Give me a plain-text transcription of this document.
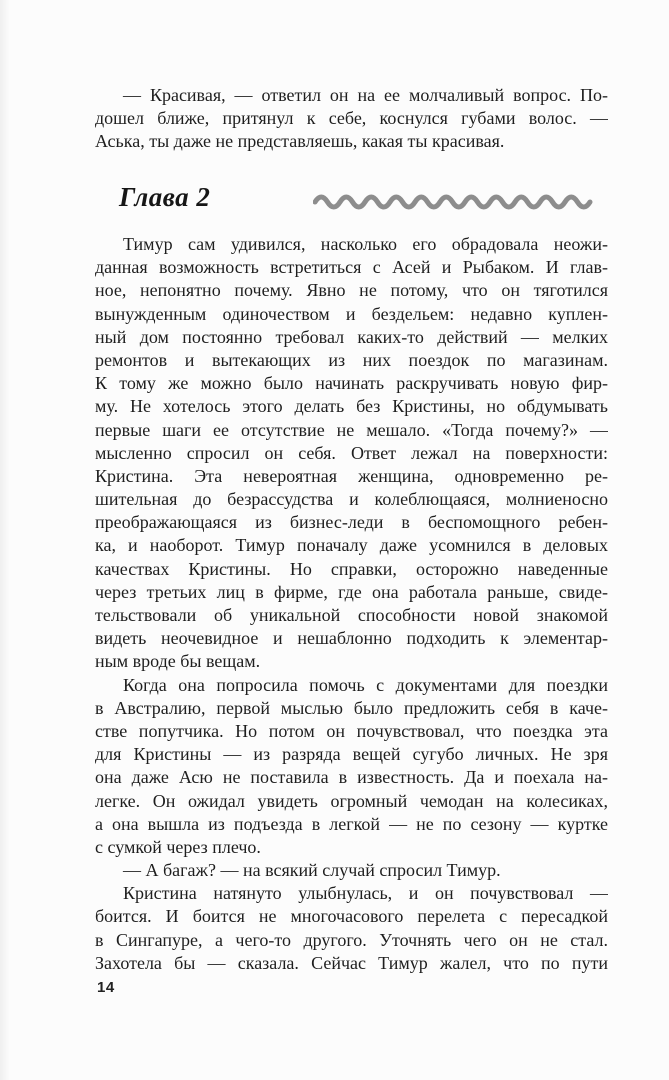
— Красивая, — ответил он на ее молчаливый вопрос. По-
дошел ближе, притянул к себе, коснулся губами волос. —
Аська, ты даже не представляешь, какая ты красивая.
Глава 2
Тимур сам удивился, насколько его обрадовала неожи-
данная возможность встретиться с Асей и Рыбаком. И глав-
ное, непонятно почему. Явно не потому, что он тяготился
вынужденным одиночеством и бездельем: недавно куплен-
ный дом постоянно требовал каких-то действий — мелких
ремонтов и вытекающих из них поездок по магазинам.
К тому же можно было начинать раскручивать новую фир-
му. Не хотелось этого делать без Кристины, но обдумывать
первые шаги ее отсутствие не мешало. «Тогда почему?» —
мысленно спросил он себя. Ответ лежал на поверхности:
Кристина. Эта невероятная женщина, одновременно ре-
шительная до безрассудства и колеблющаяся, молниеносно
преображающаяся из бизнес-леди в беспомощного ребен-
ка, и наоборот. Тимур поначалу даже усомнился в деловых
качествах Кристины. Но справки, осторожно наведенные
через третьих лиц в фирме, где она работала раньше, свиде-
тельствовали об уникальной способности новой знакомой
видеть неочевидное и нешаблонно подходить к элементар-
ным вроде бы вещам.
Когда она попросила помочь с документами для поездки
в Австралию, первой мыслью было предложить себя в каче-
стве попутчика. Но потом он почувствовал, что поездка эта
для Кристины — из разряда вещей сугубо личных. Не зря
она даже Асю не поставила в известность. Да и поехала на-
легке. Он ожидал увидеть огромный чемодан на колесиках,
а она вышла из подъезда в легкой — не по сезону — куртке
с сумкой через плечо.
— А багаж? — на всякий случай спросил Тимур.
Кристина натянуто улыбнулась, и он почувствовал —
боится. И боится не многочасового перелета с пересадкой
в Сингапуре, а чего-то другого. Уточнять чего он не стал.
Захотела бы — сказала. Сейчас Тимур жалел, что по пути
14
